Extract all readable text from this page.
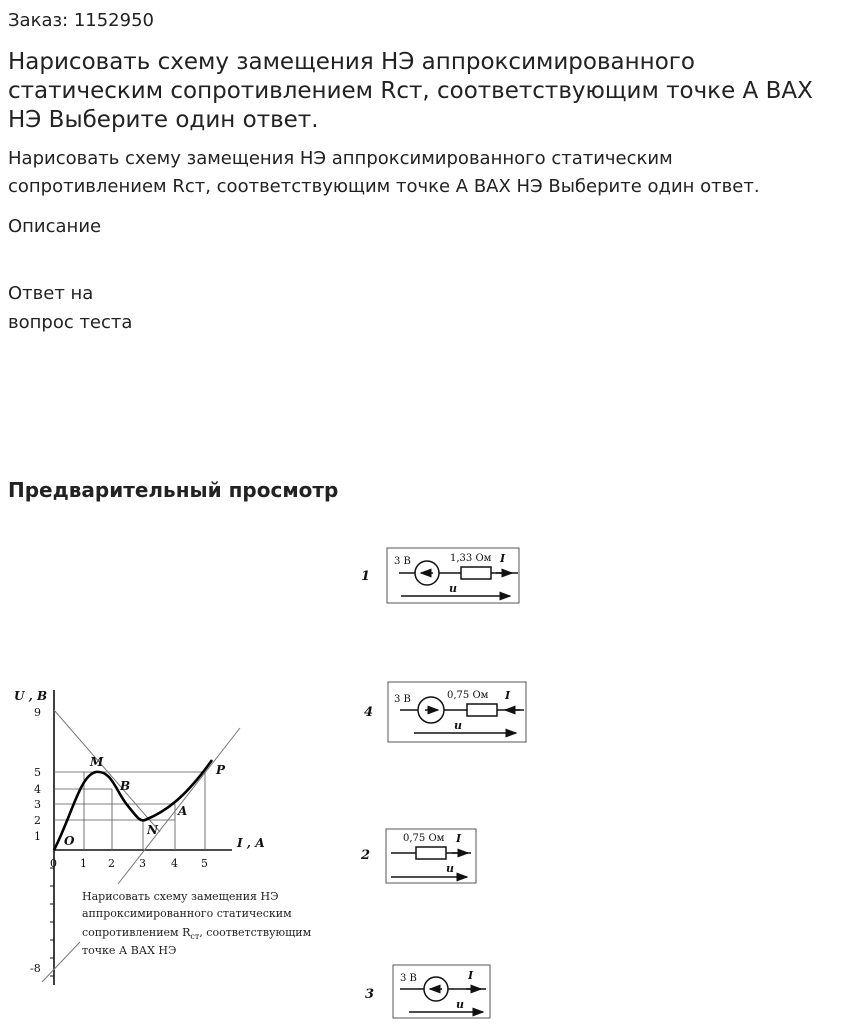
Заказ: 1152950
Нарисовать схему замещения НЭ аппроксимированного статическим сопротивлением Rст, соответствующим точке А ВАХ НЭ Выберите один ответ.
Нарисовать схему замещения НЭ аппроксимированного статическим сопротивлением Rст, соответствующим точке А ВАХ НЭ Выберите один ответ.
Описание
Ответ на
вопрос теста
Предварительный просмотр
U , В
I , А
9
5
4
3
2
1
-8
0 1 2 3 4 5
O
M
B
A
N
P
Нарисовать схему замещения НЭ
аппроксимированного статическим
сопротивлением $R_{ст}$, соответствующим
точке А ВАХ НЭ
1
3 В	1,33 Ом I
u
4
3 В	0,75 Ом I
u
2
0,75 Ом I
u
3
3 В	I
u
